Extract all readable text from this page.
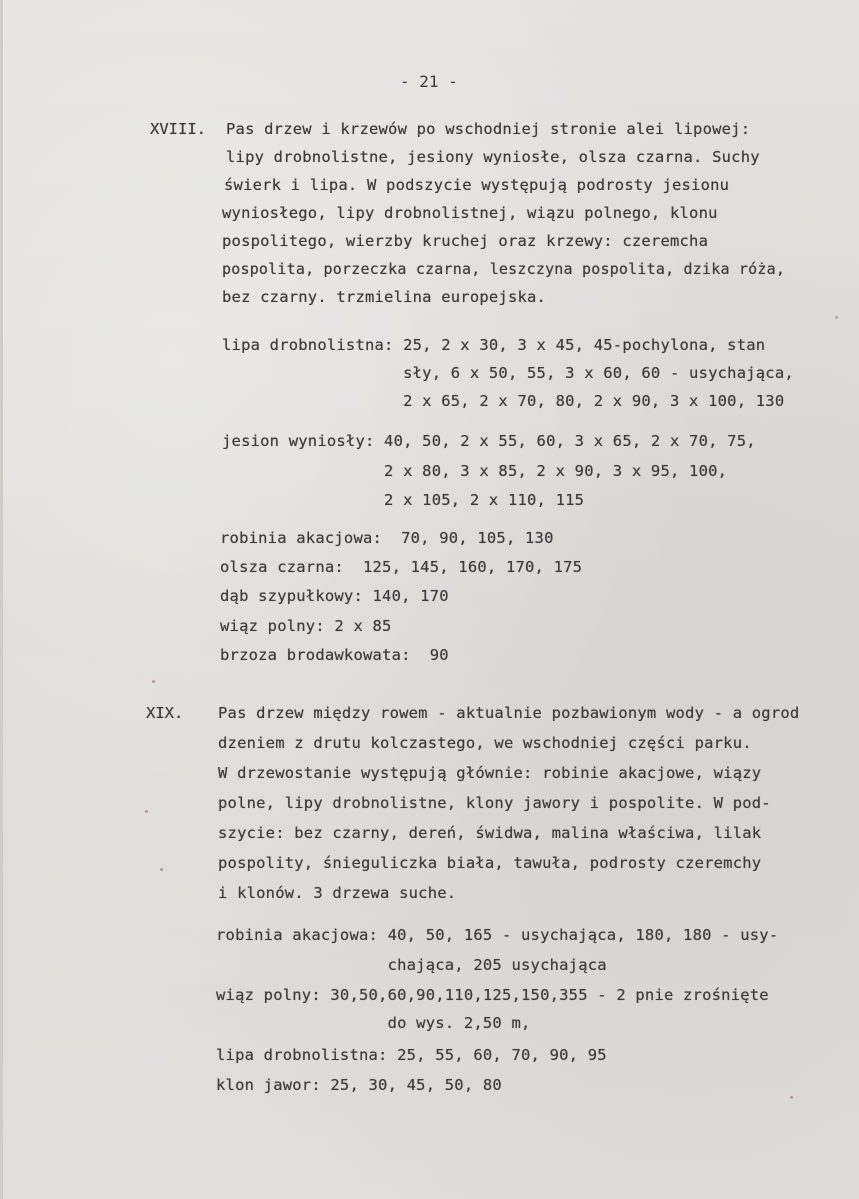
- 21 -
XVIII. Pas drzew i krzewów po wschodniej stronie alei lipowej:
lipy drobnolistne, jesiony wyniosłe, olsza czarna. Suchy
świerk i lipa. W podszycie występują podrosty jesionu
wyniosłego, lipy drobnolistnej, wiązu polnego, klonu
pospolitego, wierzby kruchej oraz krzewy: czeremcha
pospolita, porzeczka czarna, leszczyna pospolita, dzika róża,
bez czarny. trzmielina europejska.
lipa drobnolistna: 25, 2 x 30, 3 x 45, 45-pochylona, stan
sły, 6 x 50, 55, 3 x 60, 60 - usychająca,
2 x 65, 2 x 70, 80, 2 x 90, 3 x 100, 130
jesion wyniosły: 40, 50, 2 x 55, 60, 3 x 65, 2 x 70, 75,
2 x 80, 3 x 85, 2 x 90, 3 x 95, 100,
2 x 105, 2 x 110, 115
robinia akacjowa:  70, 90, 105, 130
olsza czarna:  125, 145, 160, 170, 175
dąb szypułkowy: 140, 170
wiąz polny: 2 x 85
brzoza brodawkowata:  90
XIX. Pas drzew między rowem - aktualnie pozbawionym wody - a ogrod
dzeniem z drutu kolczastego, we wschodniej części parku.
W drzewostanie występują głównie: robinie akacjowe, wiązy
polne, lipy drobnolistne, klony jawory i pospolite. W pod-
szycie: bez czarny, dereń, świdwa, malina właściwa, lilak
pospolity, śnieguliczka biała, tawuła, podrosty czeremchy
i klonów. 3 drzewa suche.
robinia akacjowa: 40, 50, 165 - usychająca, 180, 180 - usy-
chająca, 205 usychająca
wiąz polny: 30,50,60,90,110,125,150,355 - 2 pnie zrośnięte
do wys. 2,50 m,
lipa drobnolistna: 25, 55, 60, 70, 90, 95
klon jawor: 25, 30, 45, 50, 80
